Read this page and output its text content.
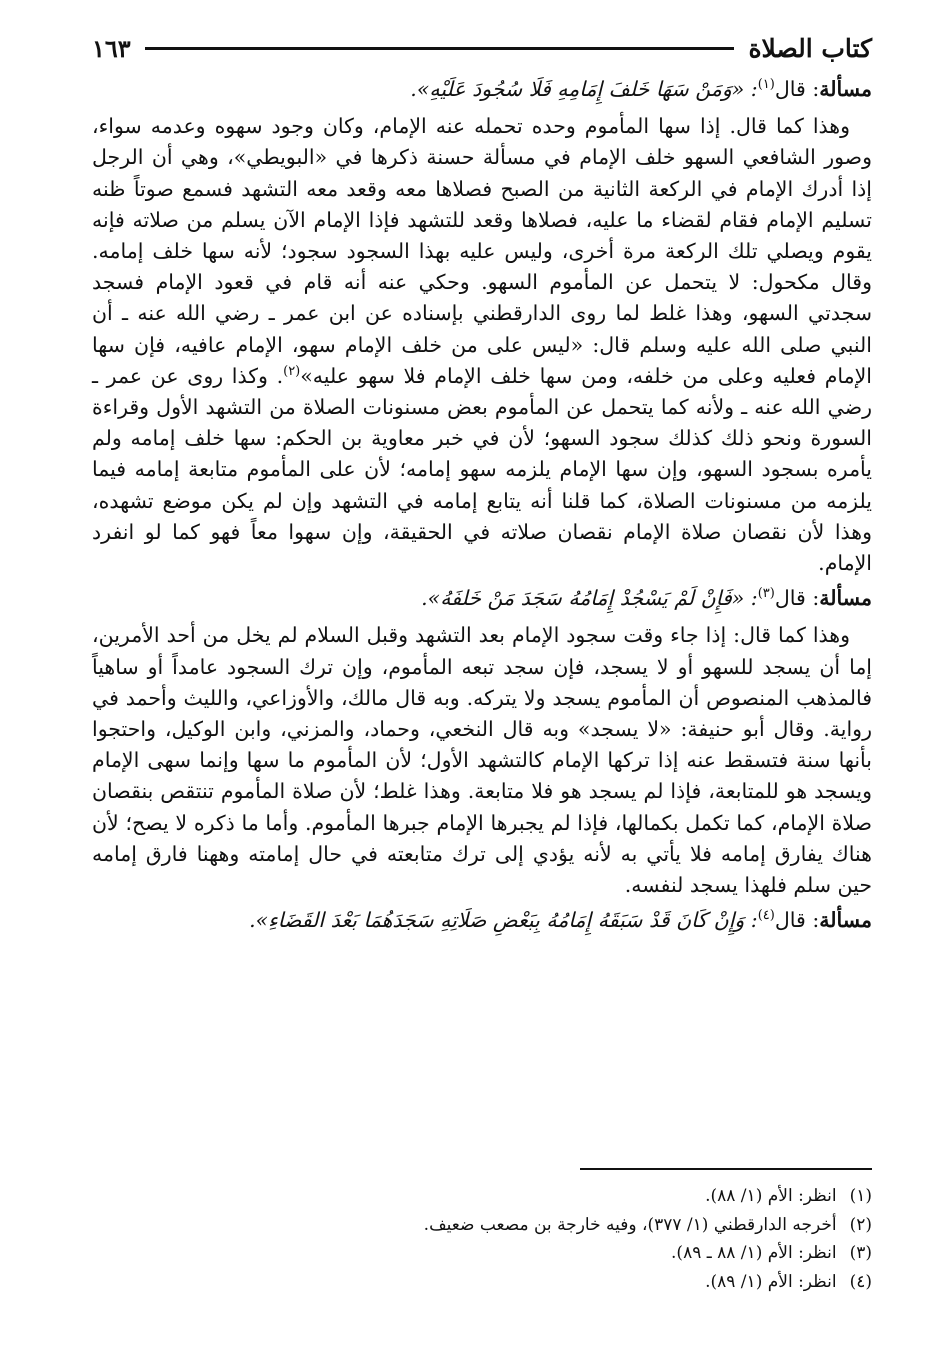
كتاب الصلاة
١٦٣

مسألة: قال$^{(١)}$: «وَمَنْ سَهَا خَلفَ إِمَامِهِ فَلَا سُجُودَ عَلَيْهِ».

وهذا كما قال. إذا سها المأموم وحده تحمله عنه الإمام، وكان وجود سهوه وعدمه سواء، وصور الشافعي السهو خلف الإمام في مسألة حسنة ذكرها في «البويطي»، وهي أن الرجل إذا أدرك الإمام في الركعة الثانية من الصبح فصلاها معه وقعد معه التشهد فسمع صوتاً ظنه تسليم الإمام فقام لقضاء ما عليه، فصلاها وقعد للتشهد فإذا الإمام الآن يسلم من صلاته فإنه يقوم ويصلي تلك الركعة مرة أخرى، وليس عليه بهذا السجود سجود؛ لأنه سها خلف إمامه. وقال مكحول: لا يتحمل عن المأموم السهو. وحكي عنه أنه قام في قعود الإمام فسجد سجدتي السهو، وهذا غلط لما روى الدارقطني بإسناده عن ابن عمر ـ رضي الله عنه ـ أن النبي صلى الله عليه وسلم قال: «ليس على من خلف الإمام سهو، الإمام عافيه، فإن سها الإمام فعليه وعلى من خلفه، ومن سها خلف الإمام فلا سهو عليه»$^{(٢)}$. وكذا روى عن عمر ـ رضي الله عنه ـ ولأنه كما يتحمل عن المأموم بعض مسنونات الصلاة من التشهد الأول وقراءة السورة ونحو ذلك كذلك سجود السهو؛ لأن في خبر معاوية بن الحكم: سها خلف إمامه ولم يأمره بسجود السهو، وإن سها الإمام يلزمه سهو إمامه؛ لأن على المأموم متابعة إمامه فيما يلزمه من مسنونات الصلاة، كما قلنا أنه يتابع إمامه في التشهد وإن لم يكن موضع تشهده، وهذا لأن نقصان صلاة الإمام نقصان صلاته في الحقيقة، وإن سهوا معاً فهو كما لو انفرد الإمام.

مسألة: قال$^{(٣)}$: «فَإِنْ لَمْ يَسْجُدْ إِمَامُهُ سَجَدَ مَنْ خَلفَهُ».

وهذا كما قال: إذا جاء وقت سجود الإمام بعد التشهد وقبل السلام لم يخل من أحد الأمرين، إما أن يسجد للسهو أو لا يسجد، فإن سجد تبعه المأموم، وإن ترك السجود عامداً أو ساهياً فالمذهب المنصوص أن المأموم يسجد ولا يتركه. وبه قال مالك، والأوزاعي، والليث وأحمد في رواية. وقال أبو حنيفة: «لا يسجد» وبه قال النخعي، وحماد، والمزني، وابن الوكيل، واحتجوا بأنها سنة فتسقط عنه إذا تركها الإمام كالتشهد الأول؛ لأن المأموم ما سها وإنما سهى الإمام ويسجد هو للمتابعة، فإذا لم يسجد هو فلا متابعة. وهذا غلط؛ لأن صلاة المأموم تنتقص بنقصان صلاة الإمام، كما تكمل بكمالها، فإذا لم يجبرها الإمام جبرها المأموم. وأما ما ذكره لا يصح؛ لأن هناك يفارق إمامه فلا يأتي به لأنه يؤدي إلى ترك متابعته في حال إمامته وههنا فارق إمامه حين سلم فلهذا يسجد لنفسه.

مسألة: قال$^{(٤)}$: وَإِنْ كَانَ قَدْ سَبَقَهُ إِمَامُهُ بِبَعْضِ صَلَاتِهِ سَجَدَهُمَا بَعْدَ القَضَاءِ».

(١) انظر: الأم (١/ ٨٨).

(٢) أخرجه الدارقطني (١/ ٣٧٧)، وفيه خارجة بن مصعب ضعيف.

(٣) انظر: الأم (١/ ٨٨ ـ ٨٩).

(٤) انظر: الأم (١/ ٨٩).
